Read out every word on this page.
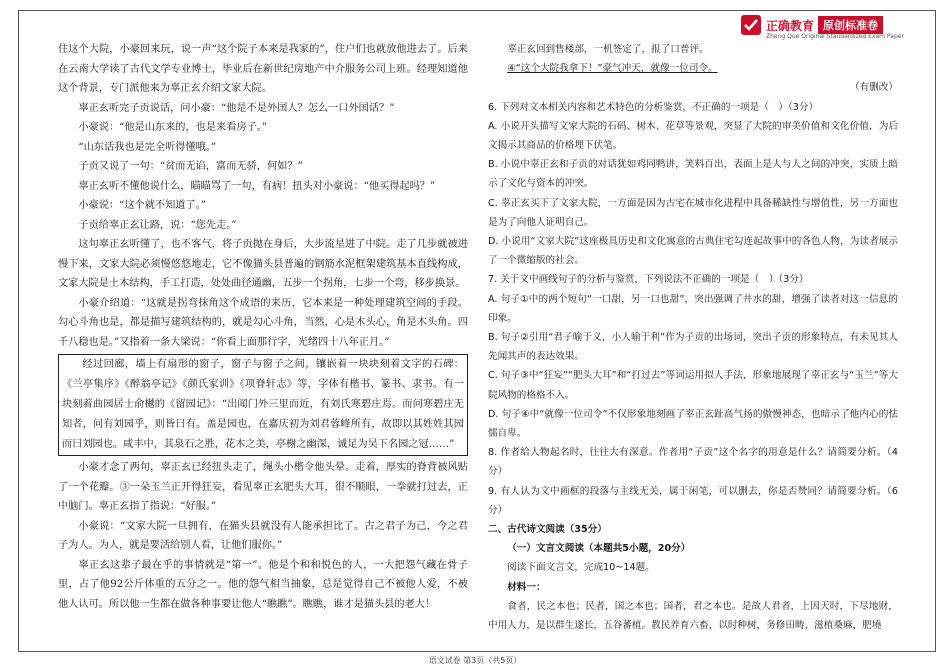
正确教育 原创标准卷
Zheng Que Original Standardized Exam Paper

住这个大院，小豪回来玩，说一声“这个院子本来是我家的”，住户们也就放他进去了。后来在云南大学读了古代文学专业博士，毕业后在新世纪房地产中介服务公司上班。经理知道他这个背景，专门派他来为辜正玄介绍文家大院。

辜正玄听完子贡说话，问小豪：“他是不是外国人？怎么一口外国话？”

小豪说：“他是山东来的，也是来看房子。”

“山东话我也是完全听得懂哦。”

子贡又说了一句：“贫而无谄，富而无骄，何如？”

辜正玄听不懂他说什么，瞄瞄骂了一句，有病！扭头对小豪说：“他买得起吗？”

小豪说：“这个就不知道了。”

子贡给辜正玄让路，说：“您先走。”

这句辜正玄听懂了，也不客气，将子贡抛在身后，大步流星进了中院。走了几步就被进慢下来，文家大院必须慢悠悠地走，它不像猫头县普遍的钢筋水泥框架建筑基本直线构成，文家大院是土木结构，手工打造，处处曲径通幽，五步一个拐角，七步一个弯，移步换景。

小豪介绍道：“这就是拐弯抹角这个成语的来历，它本来是一种处理建筑空间的手段。勾心斗角也是，都是描写建筑结构的，就是勾心斗角，当然，心是木头心，角是木头角。四千八稳也是。”又指着一条大梁说：“你看上面那行字，光绪四十八年正月。”

经过回廊，墙上有扇形的窗子，窗子与窗子之间，镶嵌着一块块刻着文字的石碑：《兰亭集序》《醉翁亭记》《颜氏家训》《项脊轩志》等，字体有楷书、篆书、隶书。有一块刻着曲园居士俞樾的《留园记》：“出闻门外三里而近，有刘氏寒碧庄焉。而问寒碧庄无知者，问有刘园乎，则皆曰有。盖是园也，在嘉庆初为刘君蓉峰所有，故即以其姓姓其园而曰刘园也。咸丰中，其泉石之胜，花木之美，亭榭之幽深，诚足为吴下名园之冠……”

小豪才念了两句，辜正玄已经扭头走了，绳头小楷令他头晕。走着，厚实的脊背被风贴了一个花瓣。③一朵玉兰正开得狂妄，看见辜正玄肥头大耳，很不顺眼，一拳就打过去，正中脑门。辜正玄指了指说：“好服。”

小豪说：“文家大院一旦拥有，在猫头县就没有人能承担比了。古之君子为己，今之君子为人。为人，就是要活给别人看，让他们服你。”

辜正玄这辈子最在乎的事情就是“第一”。他是个和和悦色的人，一大把怨气藏在骨子里，占了他92公斤体重的五分之一。他的怨气相当抽象，总是觉得自己不被他人爱，不被他人认可。所以他一生都在做各种事要让他人“瞧瞧”。瞧瞧，谁才是猫头县的老大！

辜正玄回到售楼部，一机签定了，报了口普评。

④“这个大院我拿下！”豪气冲天，就像一位司令。

（有删改）

6. 下列对文本相关内容和艺术特色的分析鉴赏，不正确的一项是（　）（3分）

A. 小说开头描写文家大院的石码、树木、花草等景观，突显了大院的审美价值和文化价值，为后文揭示其商品的价格埋下伏笔。

B. 小说中辜正玄和子贡的对话犹如鸡同鸭讲，笑料百出，表面上是人与人之间的冲突，实质上暗示了文化与资本的冲突。

C. 辜正玄买下了文家大院，一方面是因为古宅在城市化进程中具备稀缺性与增值性，另一方面也是为了向他人证明自己。

D. 小说用“文家大院”这座极具历史和文化寓意的古典住宅勾连起故事中的各色人物，为读者展示了一个微缩版的社会。

7. 关于文中画线句子的分析与鉴赏，下列说法不正确的一项是（　）（3分）

A. 句子①中的两个短句“一口甜，另一口也甜”，突出强调了井水的甜，增强了读者对这一信息的印象。

B. 句子②引用“君子喻于义，小人喻于利”作为子贡的出场词，突出子贡的形象特点，有未见其人先闻其声的表达效果。

C. 句子③中“狂妄”“肥头大耳”和“打过去”等词运用拟人手法，形象地展现了辜正玄与“玉兰”等大院风物的格格不入。

D. 句子④中“就像一位司令”不仅形象地刻画了辜正玄趾高气扬的傲慢神态，也暗示了他内心的怯懦自卑。

8. 作者给人物起名时，往往大有深意。作者用“子贡”这个名字的用意是什么？请简要分析。（4分）

9. 有人认为文中画框的段落与主线无关，属于闲笔，可以删去，你是否赞同？请简要分析。（6分）

二、古代诗文阅读（35分）

（一）文言文阅读（本题共5小题，20分）

阅读下面文言文，完成10~14题。

材料一：

食者，民之本也；民者，国之本也；国者，君之本也。是故人君者，上因天时，下尽地财，中用人力，是以群生遂长，五谷蕃植。教民养育六畜，以时种树，务修田畴，滋植桑麻，肥墝

语文试卷 第3页（共5页）
